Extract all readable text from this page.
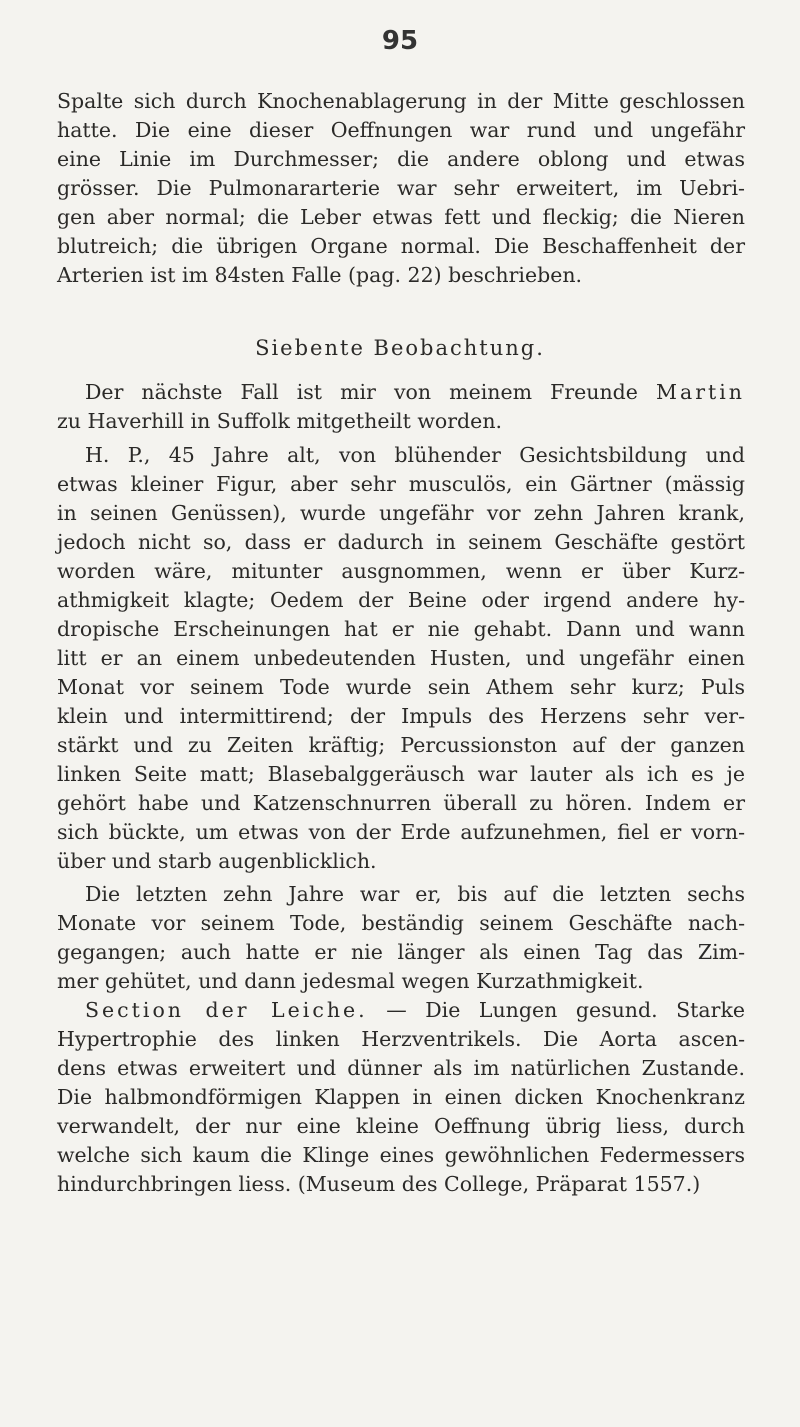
95
Spalte sich durch Knochenablagerung in der Mitte geschlossen
hatte. Die eine dieser Oeffnungen war rund und ungefähr
eine Linie im Durchmesser; die andere oblong und etwas
grösser. Die Pulmonararterie war sehr erweitert, im Uebri-
gen aber normal; die Leber etwas fett und fleckig; die Nieren
blutreich; die übrigen Organe normal. Die Beschaffenheit der
Arterien ist im 84sten Falle (pag. 22) beschrieben.
Siebente Beobachtung.
Der nächste Fall ist mir von meinem Freunde Martin
zu Haverhill in Suffolk mitgetheilt worden.
H. P., 45 Jahre alt, von blühender Gesichtsbildung und
etwas kleiner Figur, aber sehr musculös, ein Gärtner (mässig
in seinen Genüssen), wurde ungefähr vor zehn Jahren krank,
jedoch nicht so, dass er dadurch in seinem Geschäfte gestört
worden wäre, mitunter ausgnommen, wenn er über Kurz-
athmigkeit klagte; Oedem der Beine oder irgend andere hy-
dropische Erscheinungen hat er nie gehabt. Dann und wann
litt er an einem unbedeutenden Husten, und ungefähr einen
Monat vor seinem Tode wurde sein Athem sehr kurz; Puls
klein und intermittirend; der Impuls des Herzens sehr ver-
stärkt und zu Zeiten kräftig; Percussionston auf der ganzen
linken Seite matt; Blasebalggeräusch war lauter als ich es je
gehört habe und Katzenschnurren überall zu hören. Indem er
sich bückte, um etwas von der Erde aufzunehmen, fiel er vorn-
über und starb augenblicklich.
Die letzten zehn Jahre war er, bis auf die letzten sechs
Monate vor seinem Tode, beständig seinem Geschäfte nach-
gegangen; auch hatte er nie länger als einen Tag das Zim-
mer gehütet, und dann jedesmal wegen Kurzathmigkeit.
Section der Leiche. — Die Lungen gesund. Starke
Hypertrophie des linken Herzventrikels. Die Aorta ascen-
dens etwas erweitert und dünner als im natürlichen Zustande.
Die halbmondförmigen Klappen in einen dicken Knochenkranz
verwandelt, der nur eine kleine Oeffnung übrig liess, durch
welche sich kaum die Klinge eines gewöhnlichen Federmessers
hindurchbringen liess. (Museum des College, Präparat 1557.)
